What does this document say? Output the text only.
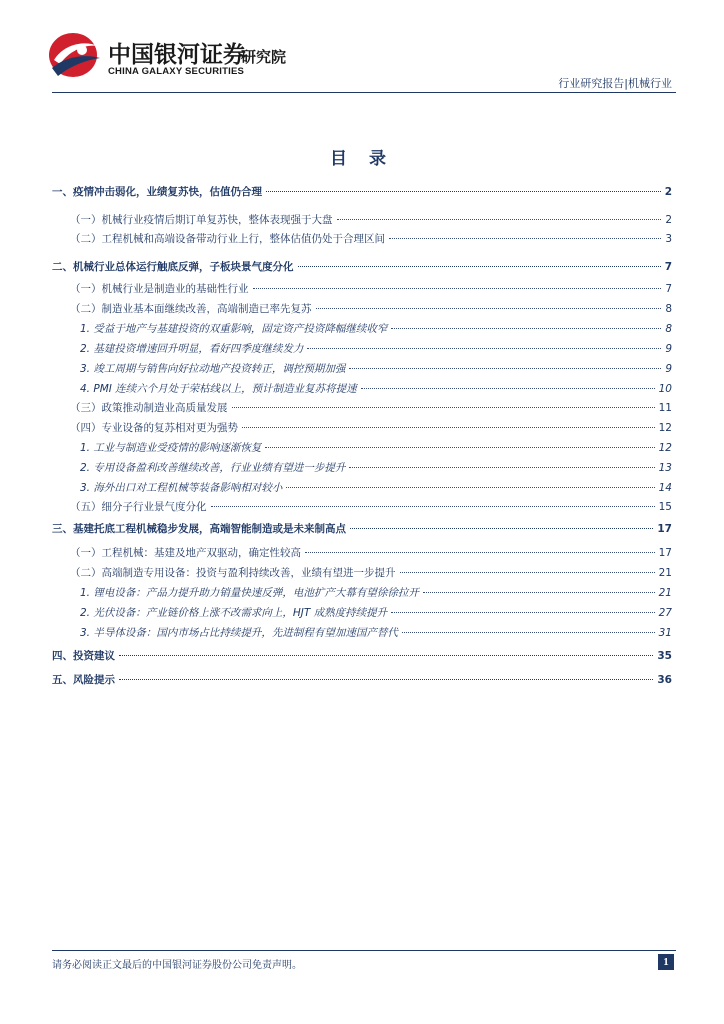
中国银河证券
研究院
CHINA GALAXY SECURITIES
行业研究报告|机械行业
目 录
一、疫情冲击弱化，业绩复苏快，估值仍合理	2
（一）机械行业疫情后期订单复苏快，整体表现强于大盘	2
（二）工程机械和高端设备带动行业上行，整体估值仍处于合理区间	3
二、机械行业总体运行触底反弹，子板块景气度分化	7
（一）机械行业是制造业的基础性行业	7
（二）制造业基本面继续改善，高端制造已率先复苏	8
1. 受益于地产与基建投资的双重影响，固定资产投资降幅继续收窄	8
2. 基建投资增速回升明显，看好四季度继续发力	9
3. 竣工周期与销售向好拉动地产投资转正，调控预期加强	9
4. PMI 连续六个月处于荣枯线以上，预计制造业复苏将提速	10
（三）政策推动制造业高质量发展	11
（四）专业设备的复苏相对更为强势	12
1. 工业与制造业受疫情的影响逐渐恢复	12
2. 专用设备盈利改善继续改善，行业业绩有望进一步提升	13
3. 海外出口对工程机械等装备影响相对较小	14
（五）细分子行业景气度分化	15
三、基建托底工程机械稳步发展，高端智能制造或是未来制高点	17
（一）工程机械：基建及地产双驱动，确定性较高	17
（二）高端制造专用设备：投资与盈利持续改善，业绩有望进一步提升	21
1. 锂电设备：产品力提升助力销量快速反弹，电池扩产大幕有望徐徐拉开	21
2. 光伏设备：产业链价格上涨不改需求向上，HJT 成熟度持续提升	27
3. 半导体设备：国内市场占比持续提升，先进制程有望加速国产替代	31
四、投资建议	35
五、风险提示	36
请务必阅读正文最后的中国银河证券股份公司免责声明。	1
